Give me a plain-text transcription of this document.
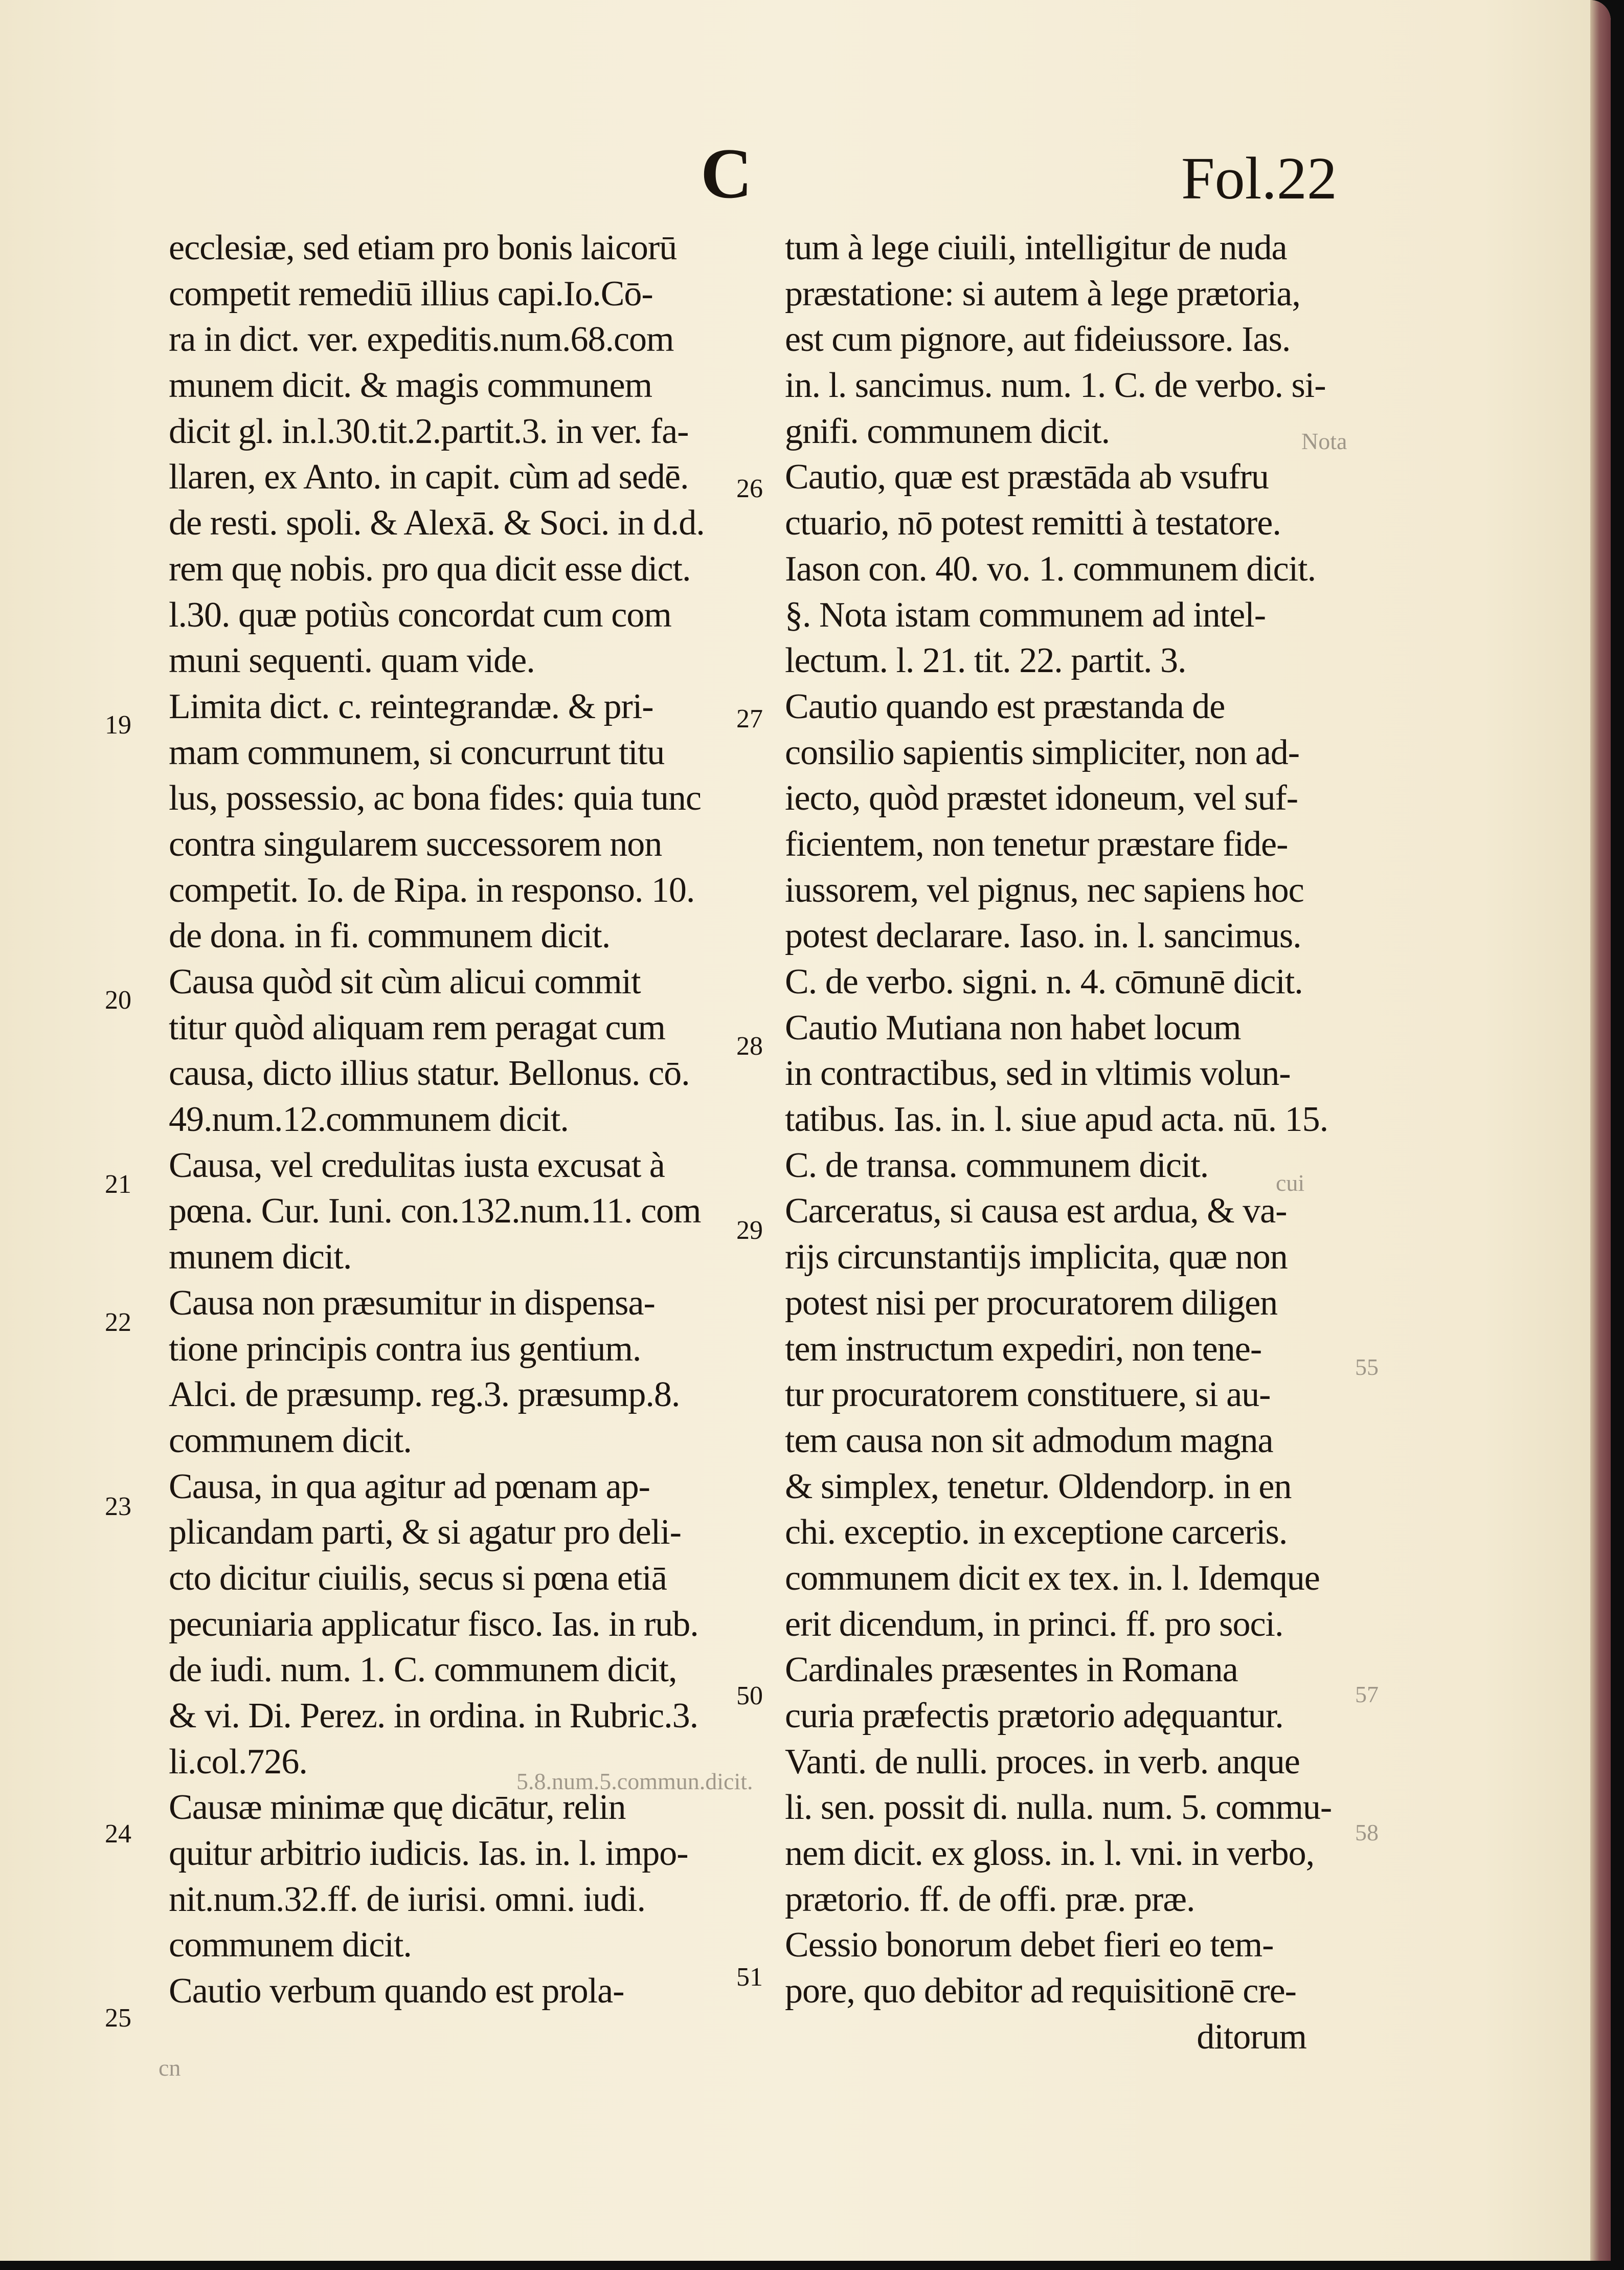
C	Fol.22
ecclesiæ, sed etiam pro bonis laicorū
competit remediū illius capi.Io.Cō-
ra in dict. ver. expeditis.num.68.com
munem dicit. & magis communem
dicit gl. in.l.30.tit.2.partit.3. in ver. fa-
llaren, ex Anto. in capit. cùm ad sedē.
de resti. spoli. & Alexā. & Soci. in d.d.
rem quę nobis. pro qua dicit esse dict.
l.30. quæ potiùs concordat cum com
muni sequenti. quam vide.
Limita dict. c. reintegrandæ. & pri-
mam communem, si concurrunt titu
lus, possessio, ac bona fides: quia tunc
contra singularem successorem non
competit. Io. de Ripa. in responso. 10.
de dona. in fi. communem dicit.
Causa quòd sit cùm alicui commit
titur quòd aliquam rem peragat cum
causa, dicto illius statur. Bellonus. cō.
49.num.12.communem dicit.
Causa, vel credulitas iusta excusat à
pœna. Cur. Iuni. con.132.num.11. com
munem dicit.
Causa non præsumitur in dispensa-
tione principis contra ius gentium.
Alci. de præsump. reg.3. præsump.8.
communem dicit.
Causa, in qua agitur ad pœnam ap-
plicandam parti, & si agatur pro deli-
cto dicitur ciuilis, secus si pœna etiā
pecuniaria applicatur fisco. Ias. in rub.
de iudi. num. 1. C. communem dicit,
& vi. Di. Perez. in ordina. in Rubric.3.
li.col.726.
Causæ minimæ quę dicātur, relin
quitur arbitrio iudicis. Ias. in. l. impo-
nit.num.32.ff. de iurisi. omni. iudi.
communem dicit.
Cautio verbum quando est prola-
tum à lege ciuili, intelligitur de nuda
præstatione: si autem à lege prætoria,
est cum pignore, aut fideiussore. Ias.
in. l. sancimus. num. 1. C. de verbo. si-
gnifi. communem dicit.
Cautio, quæ est præstāda ab vsufru
ctuario, nō potest remitti à testatore.
Iason con. 40. vo. 1. communem dicit.
§. Nota istam communem ad intel-
lectum. l. 21. tit. 22. partit. 3.
Cautio quando est præstanda de
consilio sapientis simpliciter, non ad-
iecto, quòd præstet idoneum, vel suf-
ficientem, non tenetur præstare fide-
iussorem, vel pignus, nec sapiens hoc
potest declarare. Iaso. in. l. sancimus.
C. de verbo. signi. n. 4. cōmunē dicit.
Cautio Mutiana non habet locum
in contractibus, sed in vltimis volun-
tatibus. Ias. in. l. siue apud acta. nū. 15.
C. de transa. communem dicit.
Carceratus, si causa est ardua, & va-
rijs circunstantijs implicita, quæ non
potest nisi per procuratorem diligen
tem instructum expediri, non tene-
tur procuratorem constituere, si au-
tem causa non sit admodum magna
& simplex, tenetur. Oldendorp. in en
chi. exceptio. in exceptione carceris.
communem dicit ex tex. in. l. Idemque
erit dicendum, in princi. ff. pro soci.
Cardinales præsentes in Romana
curia præfectis prætorio adęquantur.
Vanti. de nulli. proces. in verb. anque
li. sen. possit di. nulla. num. 5. commu-
nem dicit. ex gloss. in. l. vni. in verbo,
prætorio. ff. de offi. præ. præ.
Cessio bonorum debet fieri eo tem-
pore, quo debitor ad requisitionē cre-
ditorum
19
20
21
22
23
24
25
26
27
28
29
50
51
Nota
cui
55
57
58
cn
5.8.num.5.commun.dicit.
